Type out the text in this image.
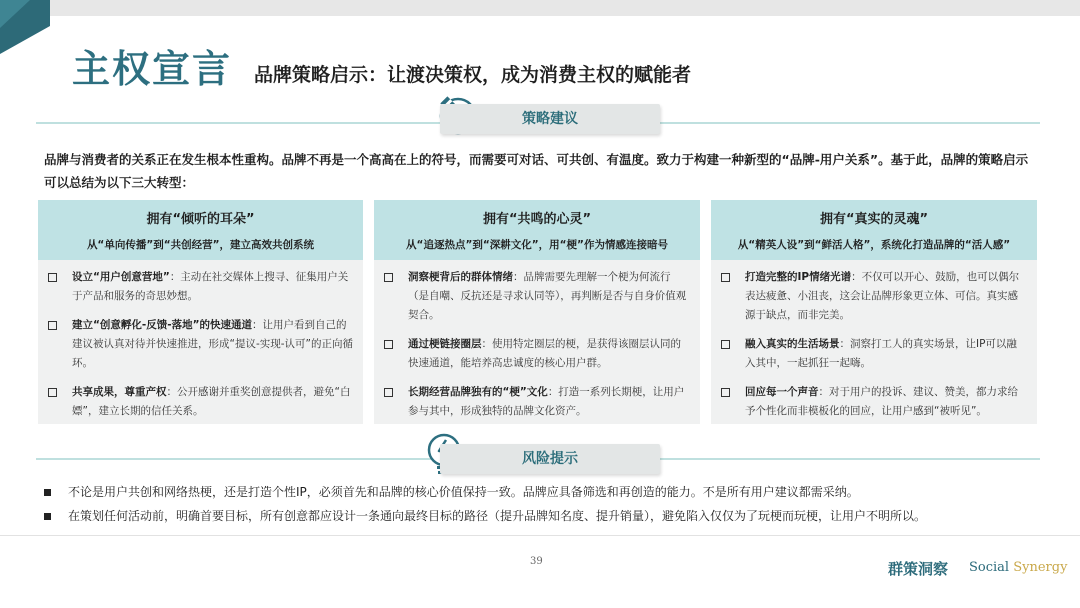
主权宣言 品牌策略启示：让渡决策权，成为消费主权的赋能者
策略建议
品牌与消费者的关系正在发生根本性重构。品牌不再是一个高高在上的符号，而需要可对话、可共创、有温度。致力于构建一种新型的“品牌-用户关系”。基于此，品牌的策略启示可以总结为以下三大转型：
拥有“倾听的耳朵”
从“单向传播”到“共创经营”，建立高效共创系统
设立“用户创意营地”：主动在社交媒体上搜寻、征集用户关于产品和服务的奇思妙想。
建立“创意孵化-反馈-落地”的快速通道：让用户看到自己的建议被认真对待并快速推进，形成“提议-实现-认可”的正向循环。
共享成果，尊重产权：公开感谢并重奖创意提供者，避免“白嫖”，建立长期的信任关系。
拥有“共鸣的心灵”
从“追逐热点”到“深耕文化”，用“梗”作为情感连接暗号
洞察梗背后的群体情绪：品牌需要先理解一个梗为何流行（是自嘲、反抗还是寻求认同等），再判断是否与自身价值观契合。
通过梗链接圈层：使用特定圈层的梗，是获得该圈层认同的快速通道，能培养高忠诚度的核心用户群。
长期经营品牌独有的“梗”文化：打造一系列长期梗，让用户参与其中，形成独特的品牌文化资产。
拥有“真实的灵魂”
从“精英人设”到“鲜活人格”，系统化打造品牌的“活人感”
打造完整的IP情绪光谱：不仅可以开心、鼓励，也可以偶尔表达疲惫、小沮丧，这会让品牌形象更立体、可信。真实感源于缺点，而非完美。
融入真实的生活场景：洞察打工人的真实场景，让IP可以融入其中，一起抓狂一起嗨。
回应每一个声音：对于用户的投诉、建议、赞美，都力求给予个性化而非模板化的回应，让用户感到“被听见”。
风险提示
不论是用户共创和网络热梗，还是打造个性IP，必须首先和品牌的核心价值保持一致。品牌应具备筛选和再创造的能力。不是所有用户建议都需采纳。
在策划任何活动前，明确首要目标，所有创意都应设计一条通向最终目标的路径（提升品牌知名度、提升销量），避免陷入仅仅为了玩梗而玩梗，让用户不明所以。
39	群策洞察 Social Synergy
